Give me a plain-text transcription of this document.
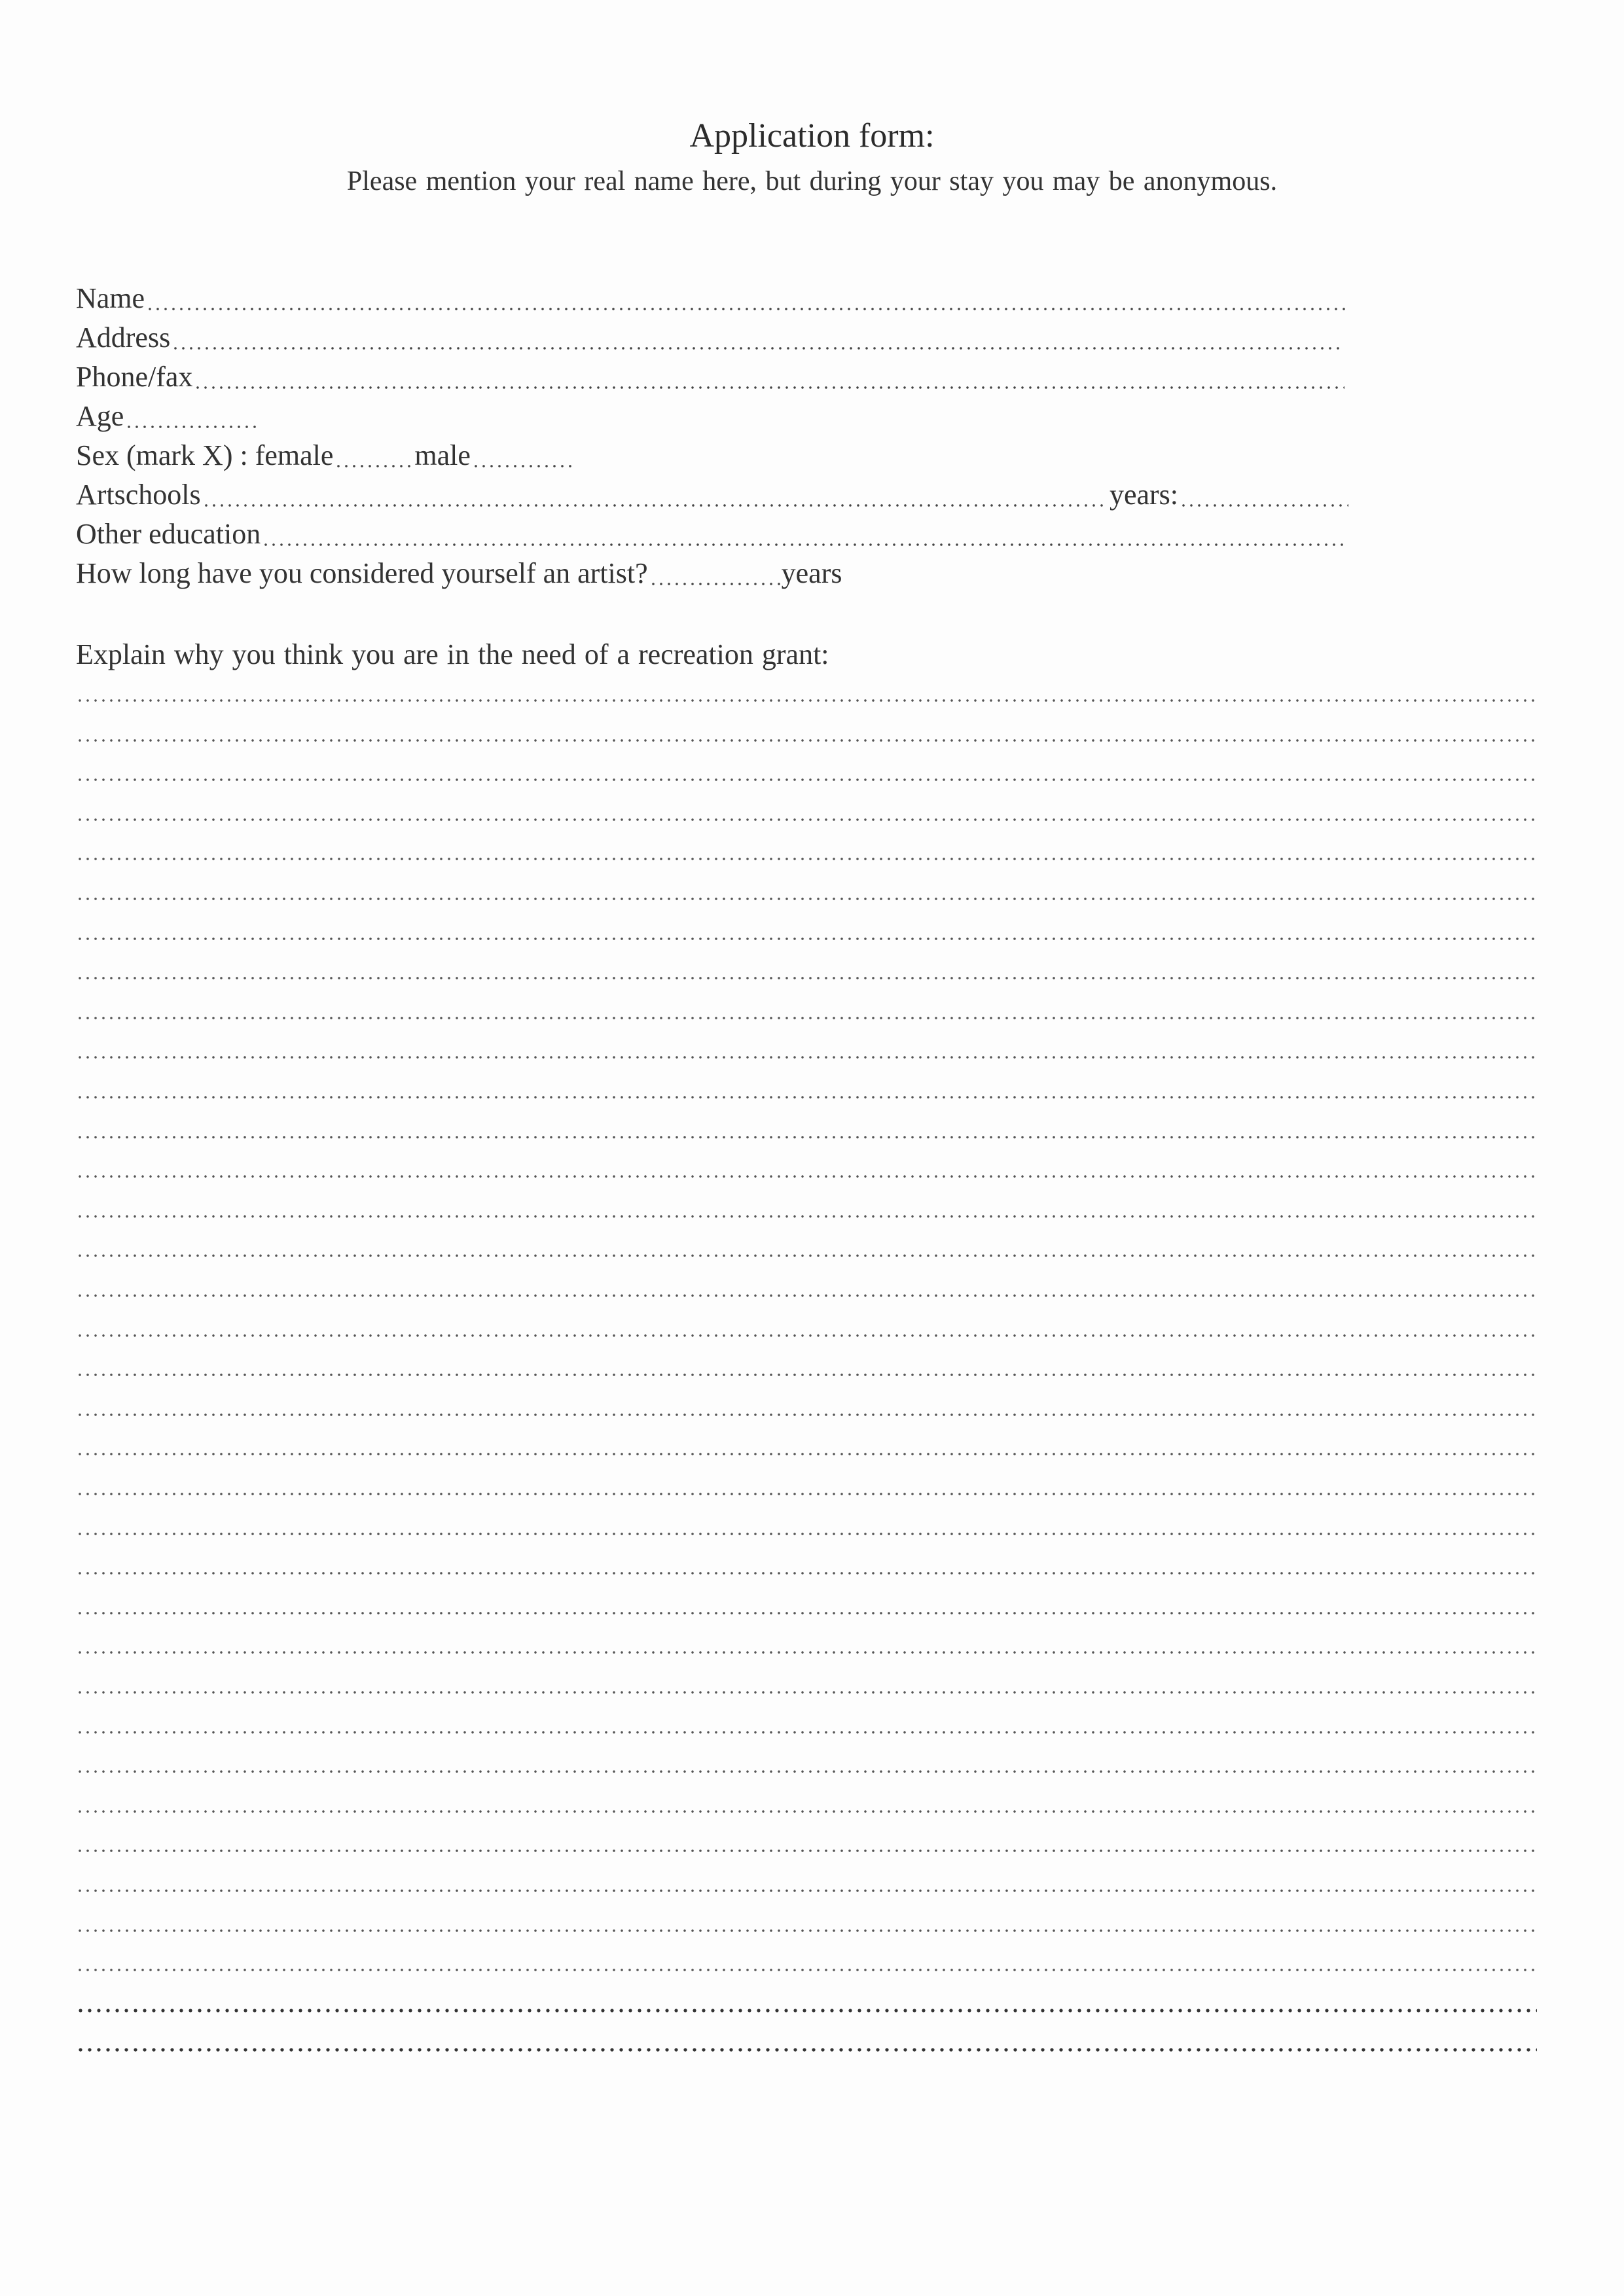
Application form:
Please mention your real name here, but during your stay you may be anonymous.
Name
Address
Phone/fax
Age
Sex (mark X) : female	male
Artschools	years:
Other education
How long have you considered yourself an artist?	years
Explain why you think you are in the need of a recreation grant:
